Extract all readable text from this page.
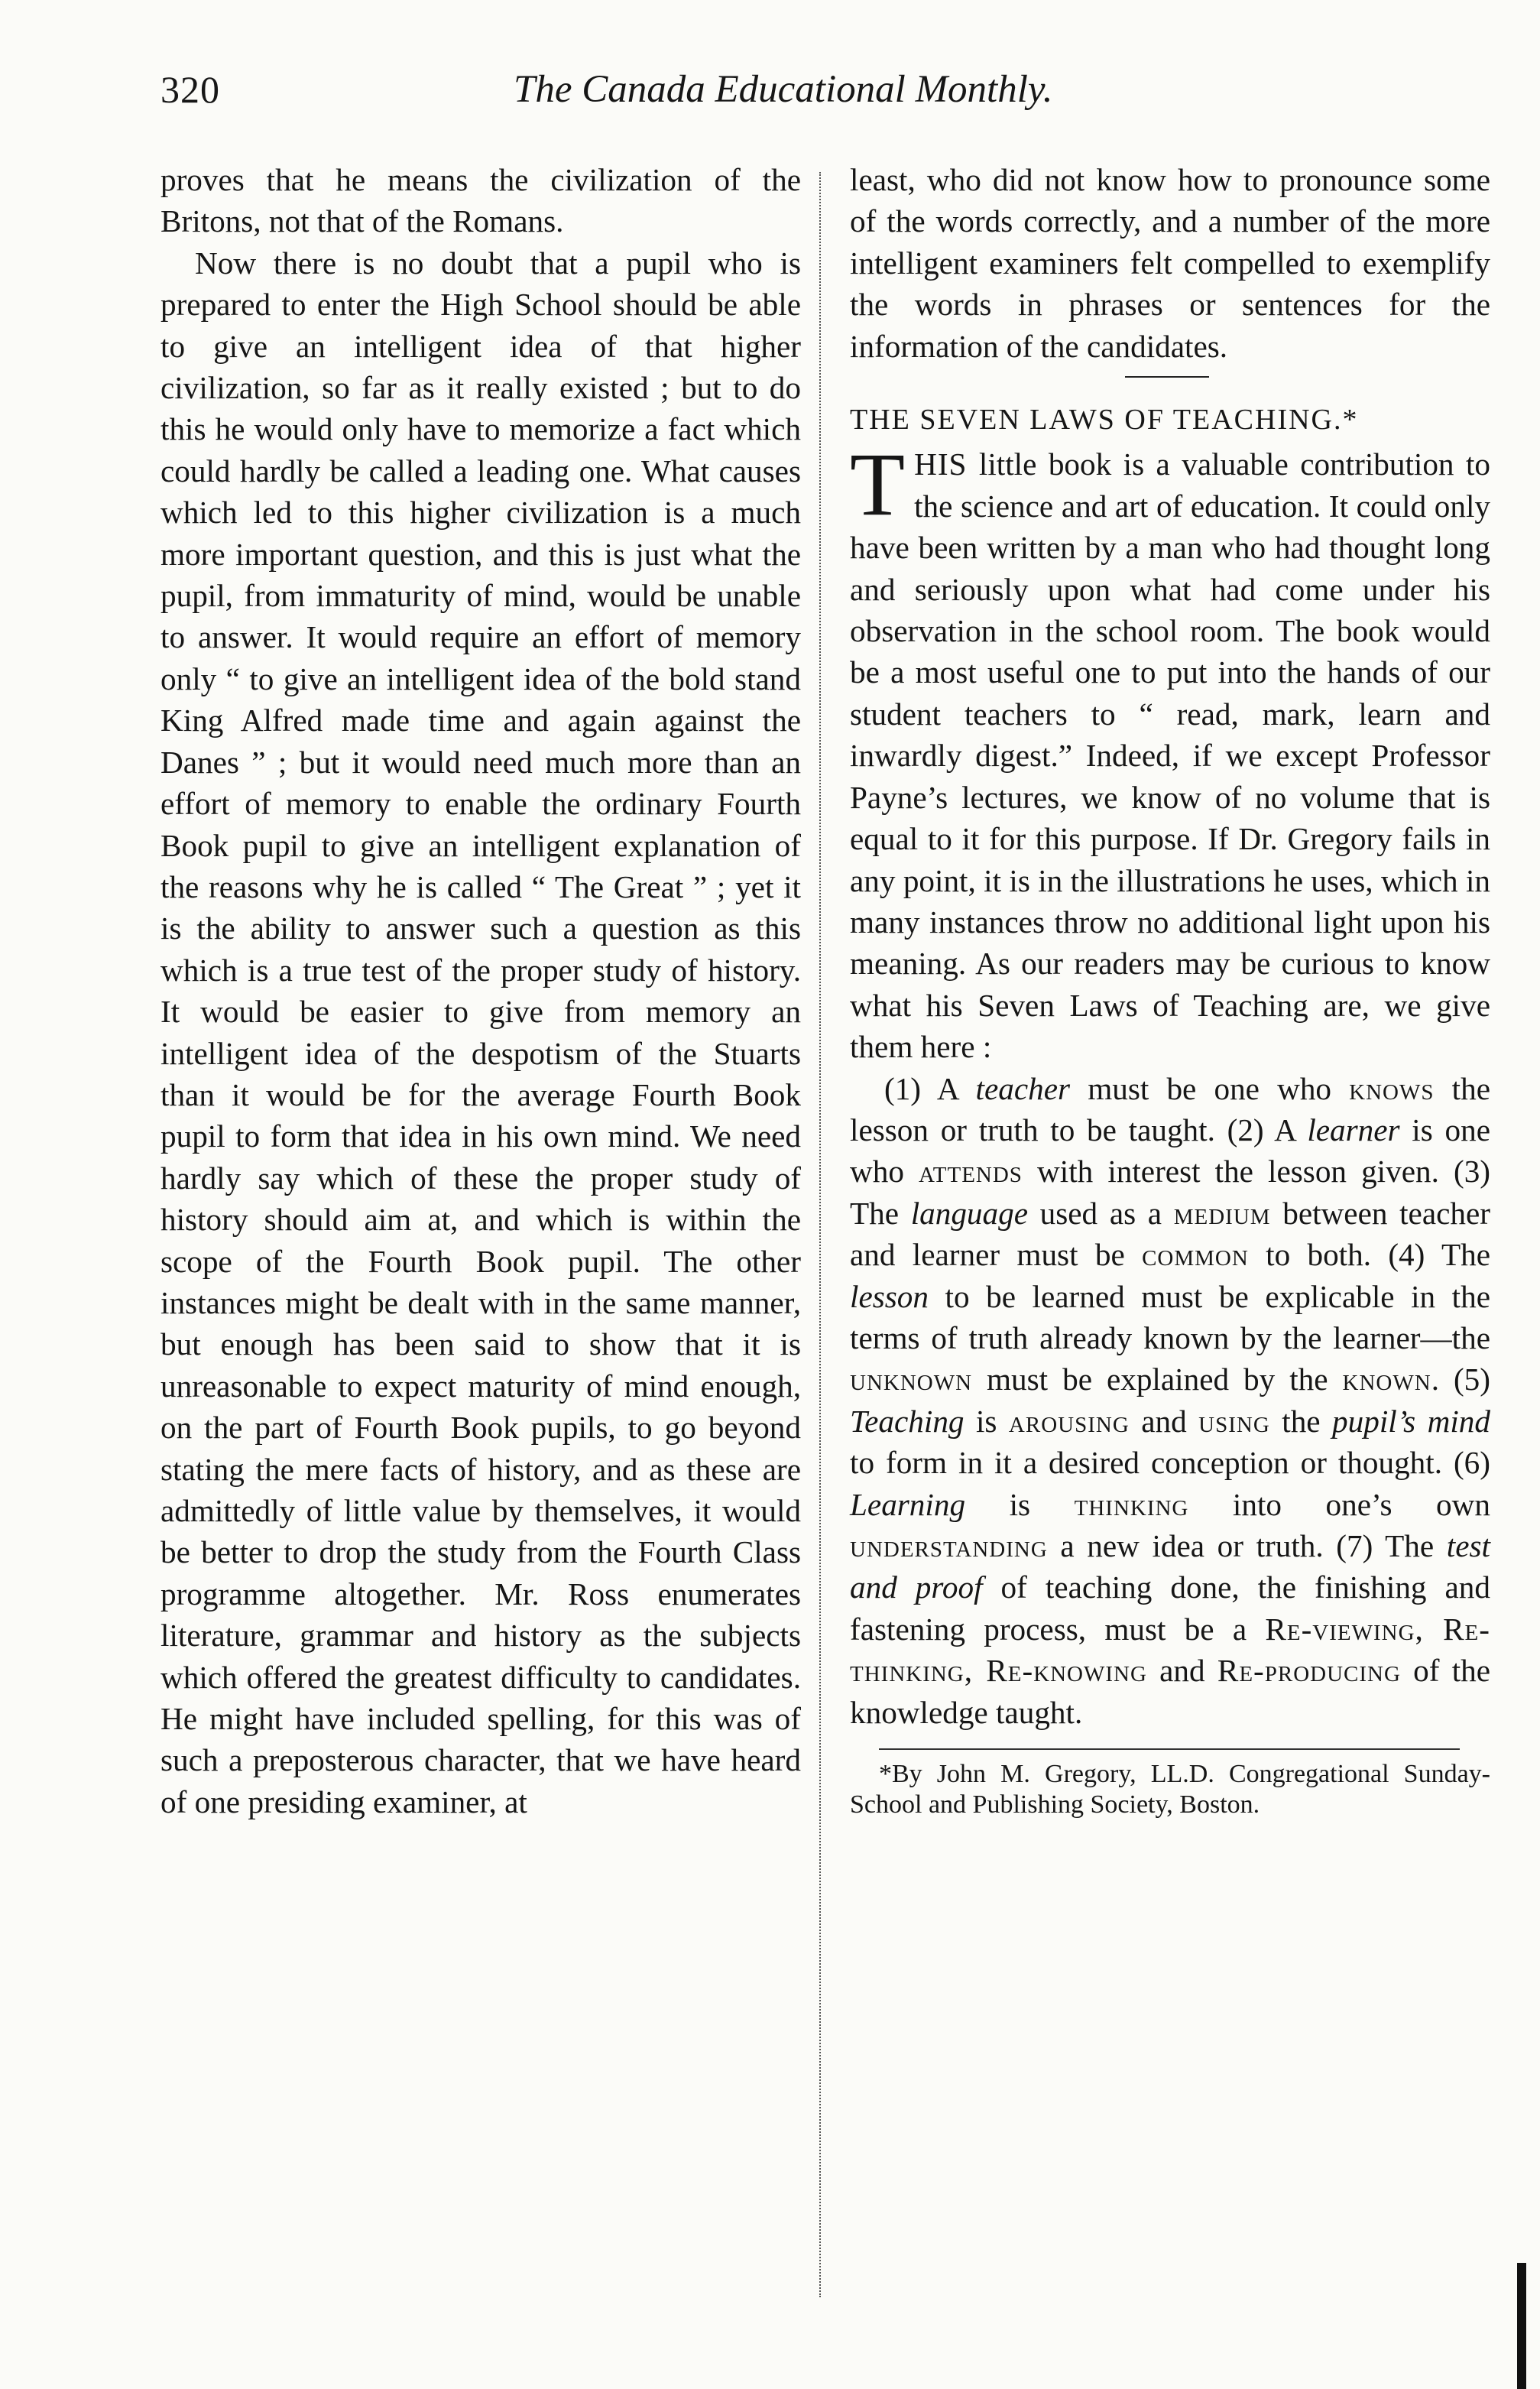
320	The Canada Educational Monthly.

proves that he means the civilization of the Britons, not that of the Romans.

Now there is no doubt that a pupil who is prepared to enter the High School should be able to give an intelligent idea of that higher civilization, so far as it really existed ; but to do this he would only have to memorize a fact which could hardly be called a leading one. What causes which led to this higher civilization is a much more important question, and this is just what the pupil, from immaturity of mind, would be unable to answer. It would require an effort of memory only “ to give an intelligent idea of the bold stand King Alfred made time and again against the Danes ” ; but it would need much more than an effort of memory to enable the ordinary Fourth Book pupil to give an intelligent explanation of the reasons why he is called “ The Great ” ; yet it is the ability to answer such a question as this which is a true test of the proper study of history. It would be easier to give from memory an intelligent idea of the despotism of the Stuarts than it would be for the average Fourth Book pupil to form that idea in his own mind. We need hardly say which of these the proper study of history should aim at, and which is within the scope of the Fourth Book pupil. The other instances might be dealt with in the same manner, but enough has been said to show that it is unreasonable to expect maturity of mind enough, on the part of Fourth Book pupils, to go beyond stating the mere facts of history, and as these are admittedly of little value by themselves, it would be better to drop the study from the Fourth Class programme altogether. Mr. Ross enumerates literature, grammar and history as the subjects which offered the greatest difficulty to candidates. He might have included spelling, for this was of such a preposterous character, that we have heard of one presiding examiner, at

least, who did not know how to pronounce some of the words correctly, and a number of the more intelligent examiners felt compelled to exemplify the words in phrases or sentences for the information of the candidates.

THE SEVEN LAWS OF TEACHING.*

THIS little book is a valuable contribution to the science and art of education. It could only have been written by a man who had thought long and seriously upon what had come under his observation in the school room. The book would be a most useful one to put into the hands of our student teachers to “ read, mark, learn and inwardly digest.” Indeed, if we except Professor Payne’s lectures, we know of no volume that is equal to it for this purpose. If Dr. Gregory fails in any point, it is in the illustrations he uses, which in many instances throw no additional light upon his meaning. As our readers may be curious to know what his Seven Laws of Teaching are, we give them here :

(1) A teacher must be one who knows the lesson or truth to be taught. (2) A learner is one who attends with interest the lesson given. (3) The language used as a medium between teacher and learner must be common to both. (4) The lesson to be learned must be explicable in the terms of truth already known by the learner—the unknown must be explained by the known. (5) Teaching is arousing and using the pupil’s mind to form in it a desired conception or thought. (6) Learning is thinking into one’s own understanding a new idea or truth. (7) The test and proof of teaching done, the finishing and fastening process, must be a Re-viewing, Re-thinking, Re-knowing and Re-producing of the knowledge taught.

*By John M. Gregory, LL.D. Congregational Sunday-School and Publishing Society, Boston.
